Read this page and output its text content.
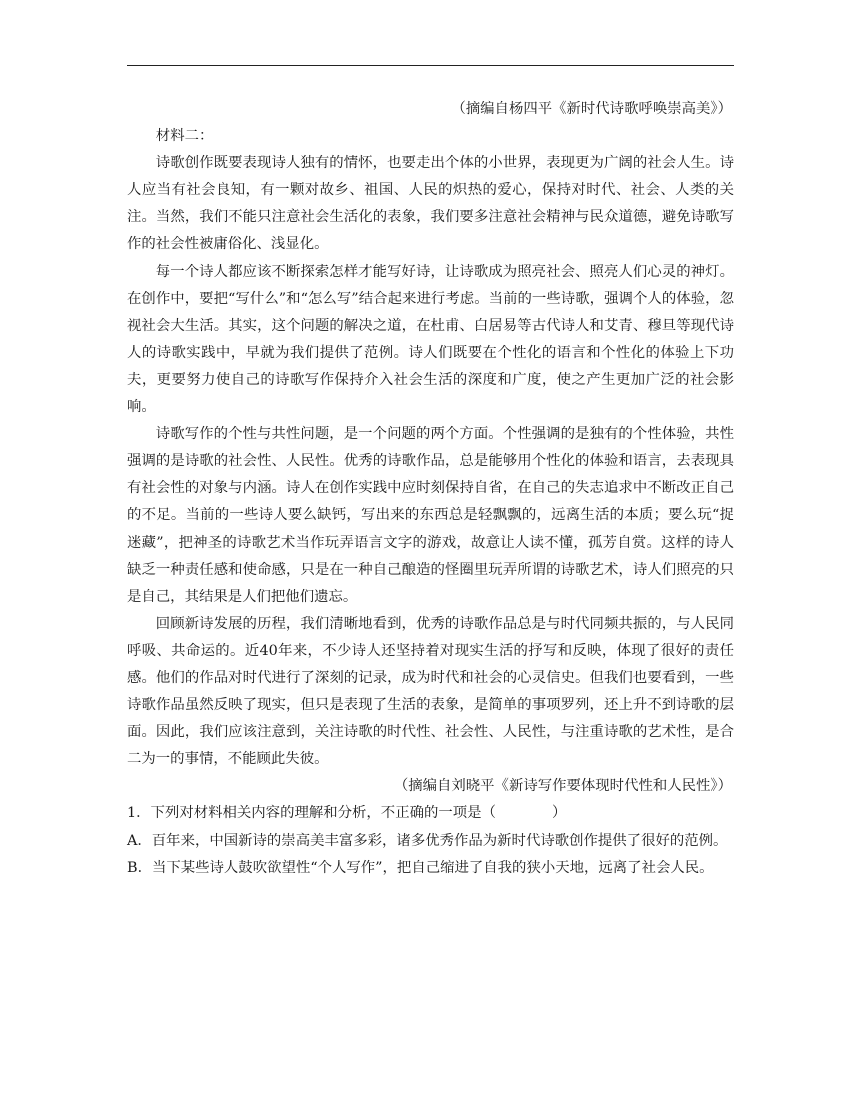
（摘编自杨四平《新时代诗歌呼唤崇高美》）

材料二：

诗歌创作既要表现诗人独有的情怀，也要走出个体的小世界，表现更为广阔的社会人生。诗人应当有社会良知，有一颗对故乡、祖国、人民的炽热的爱心，保持对时代、社会、人类的关注。当然，我们不能只注意社会生活化的表象，我们要多注意社会精神与民众道德，避免诗歌写作的社会性被庸俗化、浅显化。

每一个诗人都应该不断探索怎样才能写好诗，让诗歌成为照亮社会、照亮人们心灵的神灯。在创作中，要把“写什么”和“怎么写”结合起来进行考虑。当前的一些诗歌，强调个人的体验，忽视社会大生活。其实，这个问题的解决之道，在杜甫、白居易等古代诗人和艾青、穆旦等现代诗人的诗歌实践中，早就为我们提供了范例。诗人们既要在个性化的语言和个性化的体验上下功夫，更要努力使自己的诗歌写作保持介入社会生活的深度和广度，使之产生更加广泛的社会影响。

诗歌写作的个性与共性问题，是一个问题的两个方面。个性强调的是独有的个性体验，共性强调的是诗歌的社会性、人民性。优秀的诗歌作品，总是能够用个性化的体验和语言，去表现具有社会性的对象与内涵。诗人在创作实践中应时刻保持自省，在自己的失志追求中不断改正自己的不足。当前的一些诗人要么缺钙，写出来的东西总是轻飘飘的，远离生活的本质；要么玩“捉迷藏”，把神圣的诗歌艺术当作玩弄语言文字的游戏，故意让人读不懂，孤芳自赏。这样的诗人缺乏一种责任感和使命感，只是在一种自己酿造的怪圈里玩弄所谓的诗歌艺术，诗人们照亮的只是自己，其结果是人们把他们遗忘。

回顾新诗发展的历程，我们清晰地看到，优秀的诗歌作品总是与时代同频共振的，与人民同呼吸、共命运的。近40年来，不少诗人还坚持着对现实生活的抒写和反映，体现了很好的责任感。他们的作品对时代进行了深刻的记录，成为时代和社会的心灵信史。但我们也要看到，一些诗歌作品虽然反映了现实，但只是表现了生活的表象，是简单的事项罗列，还上升不到诗歌的层面。因此，我们应该注意到，关注诗歌的时代性、社会性、人民性，与注重诗歌的艺术性，是合二为一的事情，不能顾此失彼。

（摘编自刘晓平《新诗写作要体现时代性和人民性》）

1．下列对材料相关内容的理解和分析，不正确的一项是（	）

A．百年来，中国新诗的崇高美丰富多彩，诸多优秀作品为新时代诗歌创作提供了很好的范例。

B．当下某些诗人鼓吹欲望性“个人写作”，把自己缩进了自我的狭小天地，远离了社会人民。
